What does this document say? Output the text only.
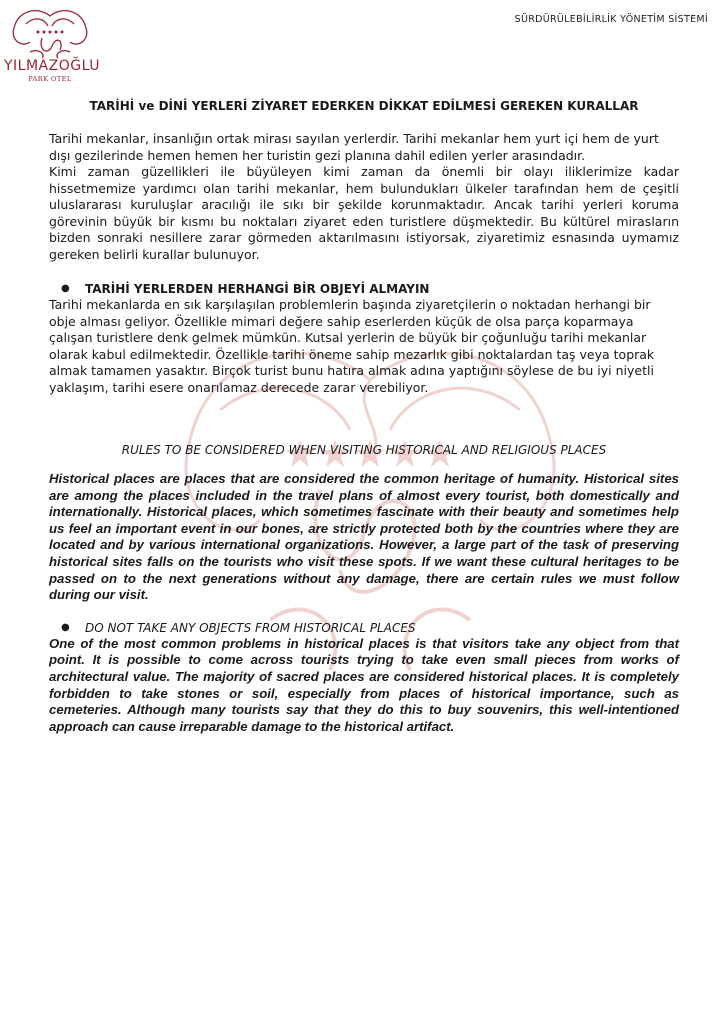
YILMAZOĞLU
PARK OTEL
SÜRDÜRÜLEBİLİRLİK YÖNETİM SİSTEMİ
TARİHİ ve DİNİ YERLERİ ZİYARET EDERKEN DİKKAT EDİLMESİ GEREKEN KURALLAR

Tarihi mekanlar, insanlığın ortak mirası sayılan yerlerdir. Tarihi mekanlar hem yurt içi hem de yurt dışı gezilerinde hemen hemen her turistin gezi planına dahil edilen yerler arasındadır.

Kimi zaman güzellikleri ile büyüleyen kimi zaman da önemli bir olayı iliklerimize kadar hissetmemize yardımcı olan tarihi mekanlar, hem bulundukları ülkeler tarafından hem de çeşitli uluslararası kuruluşlar aracılığı ile sıkı bir şekilde korunmaktadır. Ancak tarihi yerleri koruma görevinin büyük bir kısmı bu noktaları ziyaret eden turistlere düşmektedir. Bu kültürel mirasların bizden sonraki nesillere zarar görmeden aktarılmasını istiyorsak, ziyaretimiz esnasında uymamız gereken belirli kurallar bulunuyor.

●	TARİHİ YERLERDEN HERHANGİ BİR OBJEYİ ALMAYIN

Tarihi mekanlarda en sık karşılaşılan problemlerin başında ziyaretçilerin o noktadan herhangi bir obje alması geliyor. Özellikle mimari değere sahip eserlerden küçük de olsa parça koparmaya çalışan turistlere denk gelmek mümkün. Kutsal yerlerin de büyük bir çoğunluğu tarihi mekanlar olarak kabul edilmektedir. Özellikle tarihi öneme sahip mezarlık gibi noktalardan taş veya toprak almak tamamen yasaktır. Birçok turist bunu hatıra almak adına yaptığını söylese de bu iyi niyetli yaklaşım, tarihi esere onarılamaz derecede zarar verebiliyor.

RULES TO BE CONSIDERED WHEN VISITING HISTORICAL AND RELIGIOUS PLACES

Historical places are places that are considered the common heritage of humanity. Historical sites are among the places included in the travel plans of almost every tourist, both domestically and internationally. Historical places, which sometimes fascinate with their beauty and sometimes help us feel an important event in our bones, are strictly protected both by the countries where they are located and by various international organizations. However, a large part of the task of preserving historical sites falls on the tourists who visit these spots. If we want these cultural heritages to be passed on to the next generations without any damage, there are certain rules we must follow during our visit.

●	DO NOT TAKE ANY OBJECTS FROM HISTORICAL PLACES

One of the most common problems in historical places is that visitors take any object from that point. It is possible to come across tourists trying to take even small pieces from works of architectural value. The majority of sacred places are considered historical places. It is completely forbidden to take stones or soil, especially from places of historical importance, such as cemeteries. Although many tourists say that they do this to buy souvenirs, this well-intentioned approach can cause irreparable damage to the historical artifact.
